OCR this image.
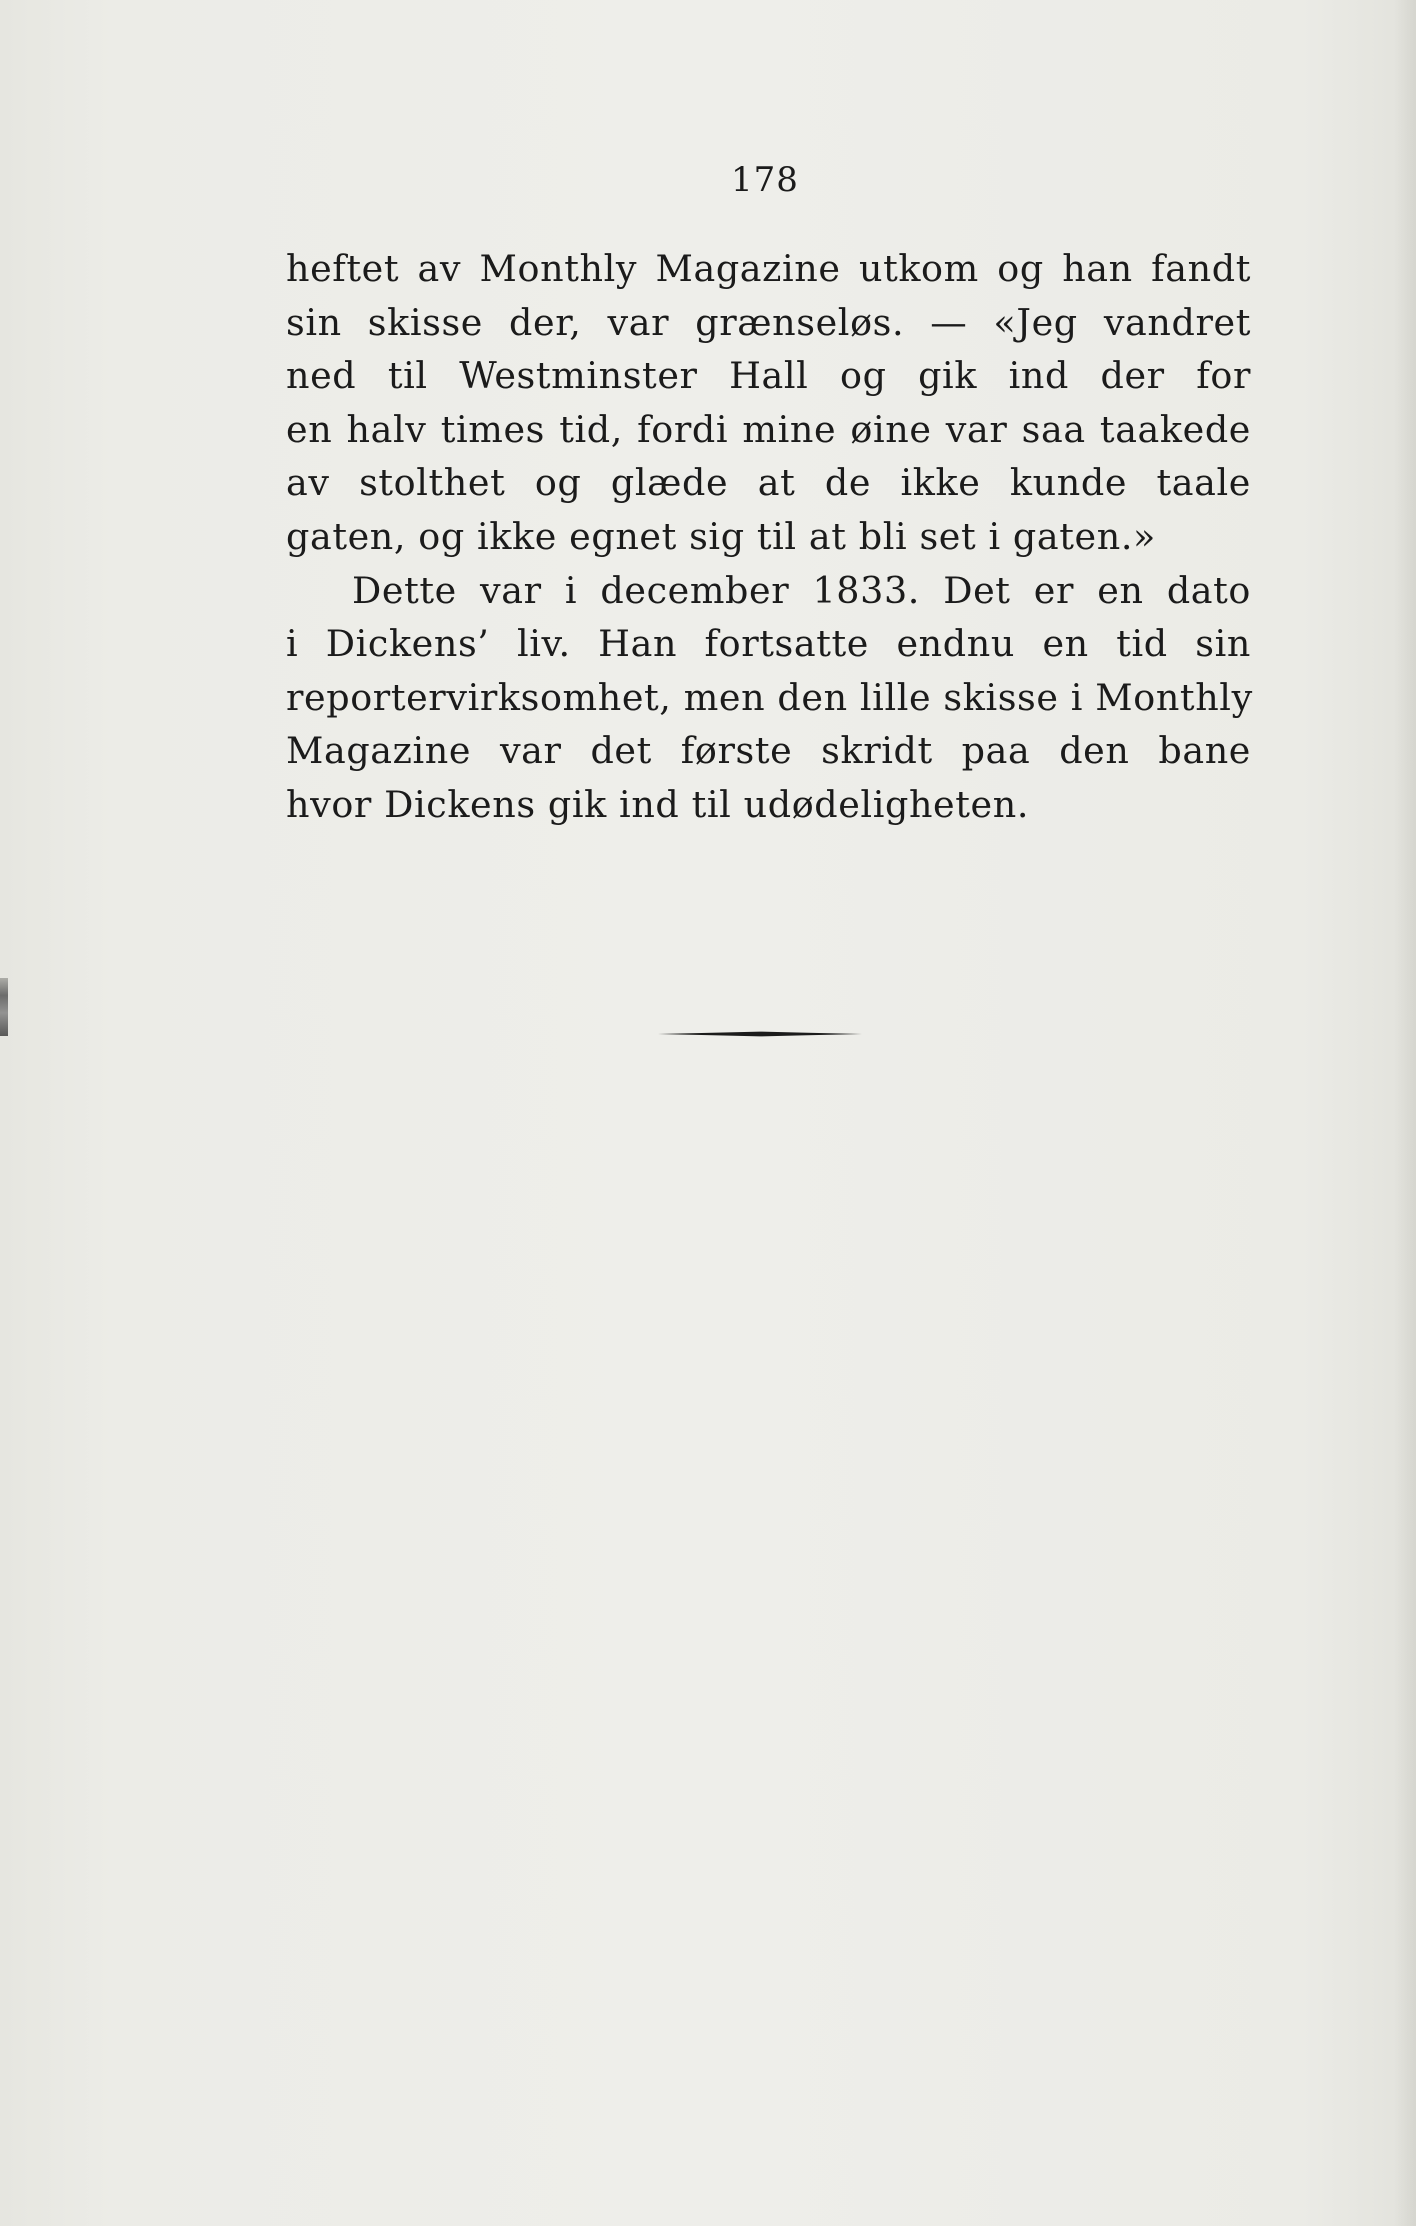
178
heftet av Monthly Magazine utkom og han fandt
sin skisse der, var grænseløs. — «Jeg vandret
ned til Westminster Hall og gik ind der for
en halv times tid, fordi mine øine var saa taakede
av stolthet og glæde at de ikke kunde taale
gaten, og ikke egnet sig til at bli set i gaten.»
Dette var i december 1833. Det er en dato
i Dickens’ liv. Han fortsatte endnu en tid sin
reportervirksomhet, men den lille skisse i Monthly
Magazine var det første skridt paa den bane
hvor Dickens gik ind til udødeligheten.
